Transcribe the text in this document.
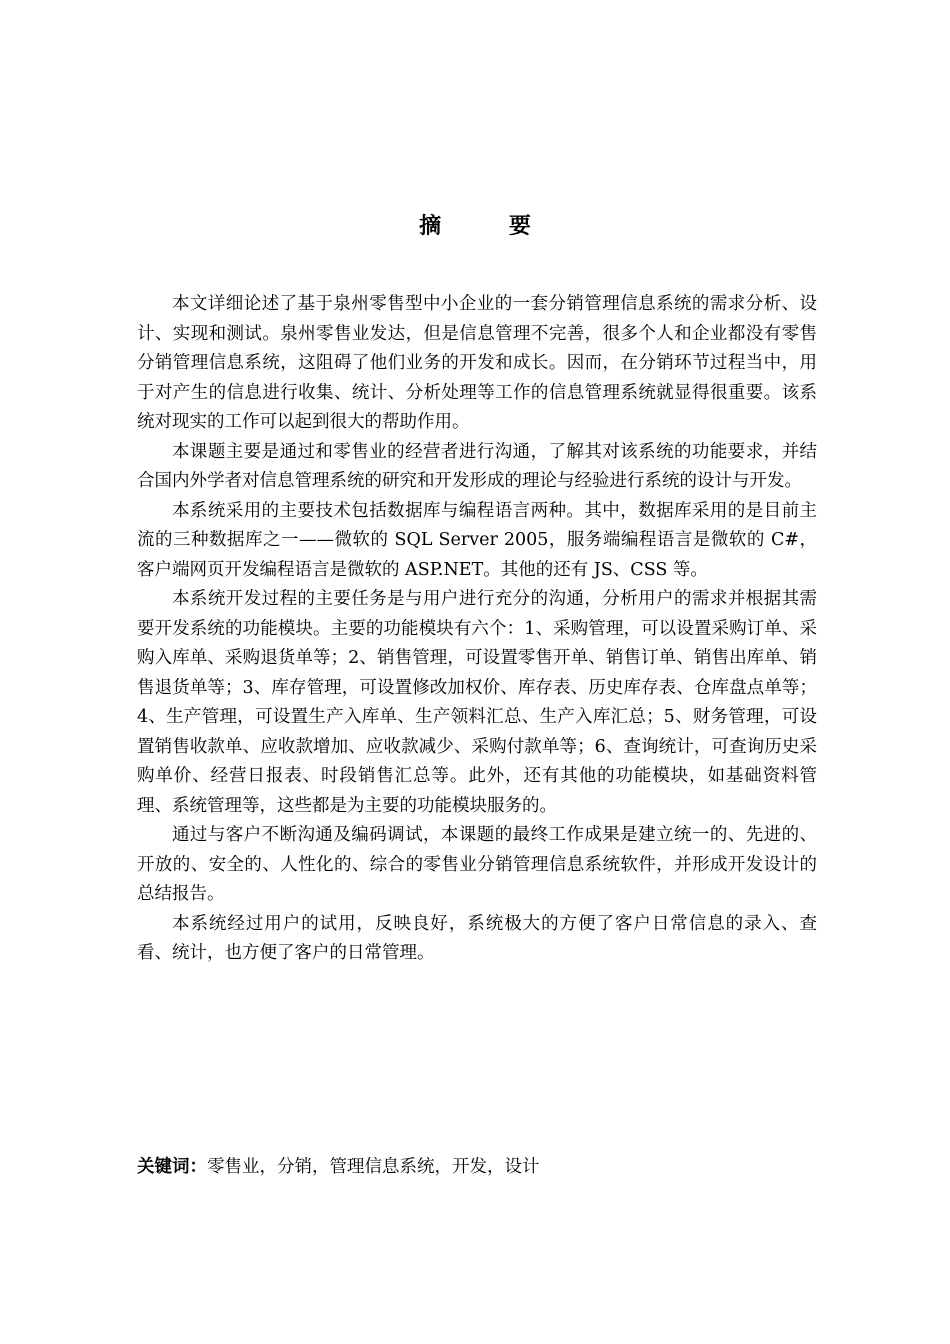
摘 要

本文详细论述了基于泉州零售型中小企业的一套分销管理信息系统的需求分析、设计、实现和测试。泉州零售业发达，但是信息管理不完善，很多个人和企业都没有零售分销管理信息系统，这阻碍了他们业务的开发和成长。因而，在分销环节过程当中，用于对产生的信息进行收集、统计、分析处理等工作的信息管理系统就显得很重要。该系统对现实的工作可以起到很大的帮助作用。

本课题主要是通过和零售业的经营者进行沟通，了解其对该系统的功能要求，并结合国内外学者对信息管理系统的研究和开发形成的理论与经验进行系统的设计与开发。

本系统采用的主要技术包括数据库与编程语言两种。其中，数据库采用的是目前主流的三种数据库之一——微软的 SQL Server 2005，服务端编程语言是微软的 C#，客户端网页开发编程语言是微软的 ASP.NET。其他的还有 JS、CSS 等。

本系统开发过程的主要任务是与用户进行充分的沟通，分析用户的需求并根据其需要开发系统的功能模块。主要的功能模块有六个：1、采购管理，可以设置采购订单、采购入库单、采购退货单等；2、销售管理，可设置零售开单、销售订单、销售出库单、销售退货单等；3、库存管理，可设置修改加权价、库存表、历史库存表、仓库盘点单等；4、生产管理，可设置生产入库单、生产领料汇总、生产入库汇总；5、财务管理，可设置销售收款单、应收款增加、应收款减少、采购付款单等；6、查询统计，可查询历史采购单价、经营日报表、时段销售汇总等。此外，还有其他的功能模块，如基础资料管理、系统管理等，这些都是为主要的功能模块服务的。

通过与客户不断沟通及编码调试，本课题的最终工作成果是建立统一的、先进的、开放的、安全的、人性化的、综合的零售业分销管理信息系统软件，并形成开发设计的总结报告。

本系统经过用户的试用，反映良好，系统极大的方便了客户日常信息的录入、查看、统计，也方便了客户的日常管理。

关键词：零售业，分销，管理信息系统，开发，设计
